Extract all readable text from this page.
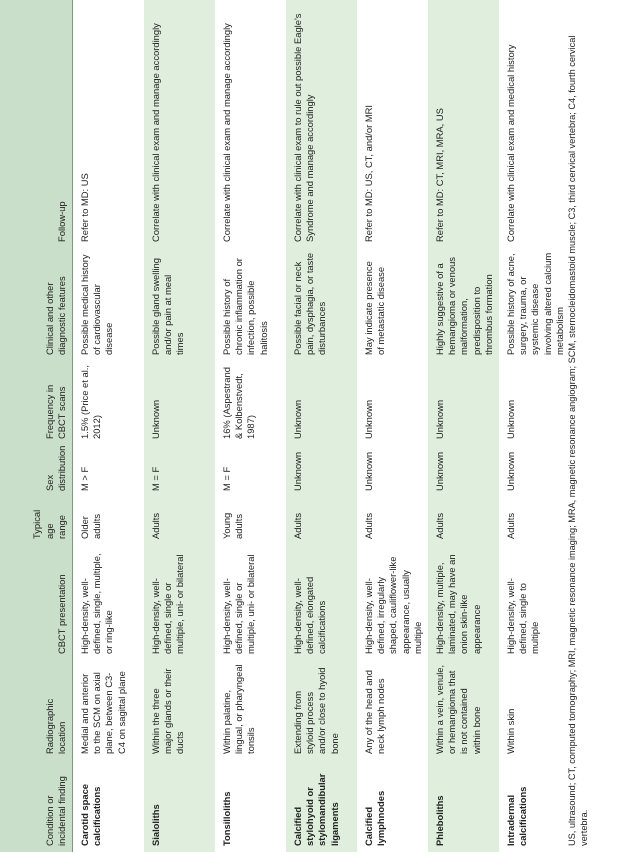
Condition or incidental finding	Radiographic location	CBCT presentation	Typical age range	Sex distribution	Frequency in CBCT scans	Clinical and other diagnostic features	Follow-up
Carotid space calcifications	Medial and anterior to the SCM on axial plane, between C3-C4 on sagittal plane	High-density, well-defined, single, multiple, or ring-like	Older adults	M > F	1.5% (Price et al., 2012)	Possible medical history of cardiovascular disease	Refer to MD: US
Sialoliths	Within the three major glands or their ducts	High-density, well-defined, single or multiple, uni- or bilateral	Adults	M = F	Unknown	Possible gland swelling and/or pain at meal times	Correlate with clinical exam and manage accordingly
Tonsilloliths	Within palatine, lingual, or pharyngeal tonsils	High-density, well-defined, single or multiple, uni- or bilateral	Young adults	M = F	16% (Aspestrand & Kolbenstvedt, 1987)	Possible history of chronic inflammation or infection, possible halitosis	Correlate with clinical exam and manage accordingly
Calcified stylohyoid or stylomandibular ligaments	Extending from styloid process and/or close to hyoid bone	High-density, well-defined, elongated calcifications	Adults	Unknown	Unknown	Possible facial or neck pain, dysphagia, or taste disturbances	Correlate with clinical exam to rule out possible Eagle's Syndrome and manage accordingly
Calcified lymphnodes	Any of the head and neck lymph nodes	High-density, well-defined, irregularly shaped, cauliflower-like appearance, usually multiple	Adults	Unknown	Unknown	May indicate presence of metastatic disease	Refer to MD: US, CT, and/or MRI
Phleboliths	Within a vein, venule, or hemangioma that is not contained within bone	High-density, multiple, laminated, may have an onion skin-like appearance	Adults	Unknown	Unknown	Highly suggestive of a hemangioma or venous malformation, predisposition to thrombus formation	Refer to MD: CT, MRI, MRA, US
Intradermal calcifications	Within skin	High-density, well-defined, single to multiple	Adults	Unknown	Unknown	Possible history of acne, surgery, trauma, or systemic disease involving altered calcium metabolism	Correlate with clinical exam and medical history	US, ultrasound; CT, computed tomography; MRI, magnetic resonance imaging; MRA, magnetic resonance angiogram; SCM, sternocleidomastoid muscle; C3, third cervical vertebra; C4, fourth cervical vertebra.
